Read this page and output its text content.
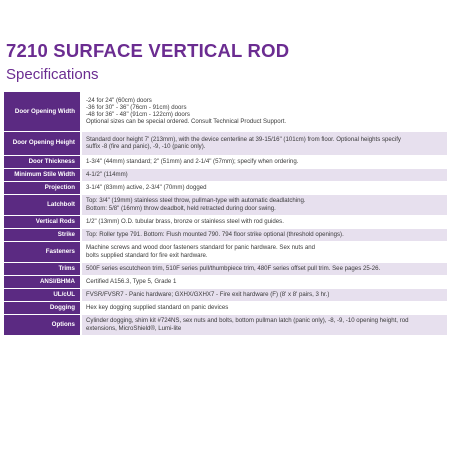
7210 SURFACE VERTICAL ROD
Specifications
Door Opening Width	-24 for 24" (60cm) doors
-36 for 30" - 36" (76cm - 91cm) doors
-48 for 36" - 48" (91cm - 122cm) doors
Optional sizes can be special ordered. Consult Technical Product Support.

Door Opening Height	Standard door height 7' (213mm), with the device centerline at 39-15/16" (101cm) from floor. Optional heights specify
suffix -8 (fire and panic), -9, -10 (panic only).

Door Thickness	1-3/4" (44mm) standard; 2" (51mm) and 2-1/4" (57mm); specify when ordering.

Minimum Stile Width	4-1/2" (114mm)

Projection	3-1/4" (83mm) active, 2-3/4" (70mm) dogged

Latchbolt	Top: 3/4" (19mm) stainless steel throw, pullman-type with automatic deadlatching.
Bottom: 5/8" (16mm) throw deadbolt, held retracted during door swing.

Vertical Rods	1/2" (13mm) O.D. tubular brass, bronze or stainless steel with rod guides.

Strike	Top: Roller type 791. Bottom: Flush mounted 790. 794 floor strike optional (threshold openings).

Fasteners	Machine screws and wood door fasteners standard for panic hardware. Sex nuts and
bolts supplied standard for fire exit hardware.

Trims	500F series escutcheon trim, 510F series pull/thumbpiece trim, 480F series offset pull trim. See pages 25-26.

ANSI/BHMA	Certified A156.3, Type 5, Grade 1

UL/cUL	FVSR/FVSR7 - Panic hardware; GXHX/GXHX7 - Fire exit hardware (F) (8' x 8' pairs, 3 hr.)

Dogging	Hex key dogging supplied standard on panic devices

Options	Cylinder dogging, shim kit #724NS, sex nuts and bolts, bottom pullman latch (panic only), -8, -9, -10 opening height, rod
extensions, MicroShield®, Lumi-lite
